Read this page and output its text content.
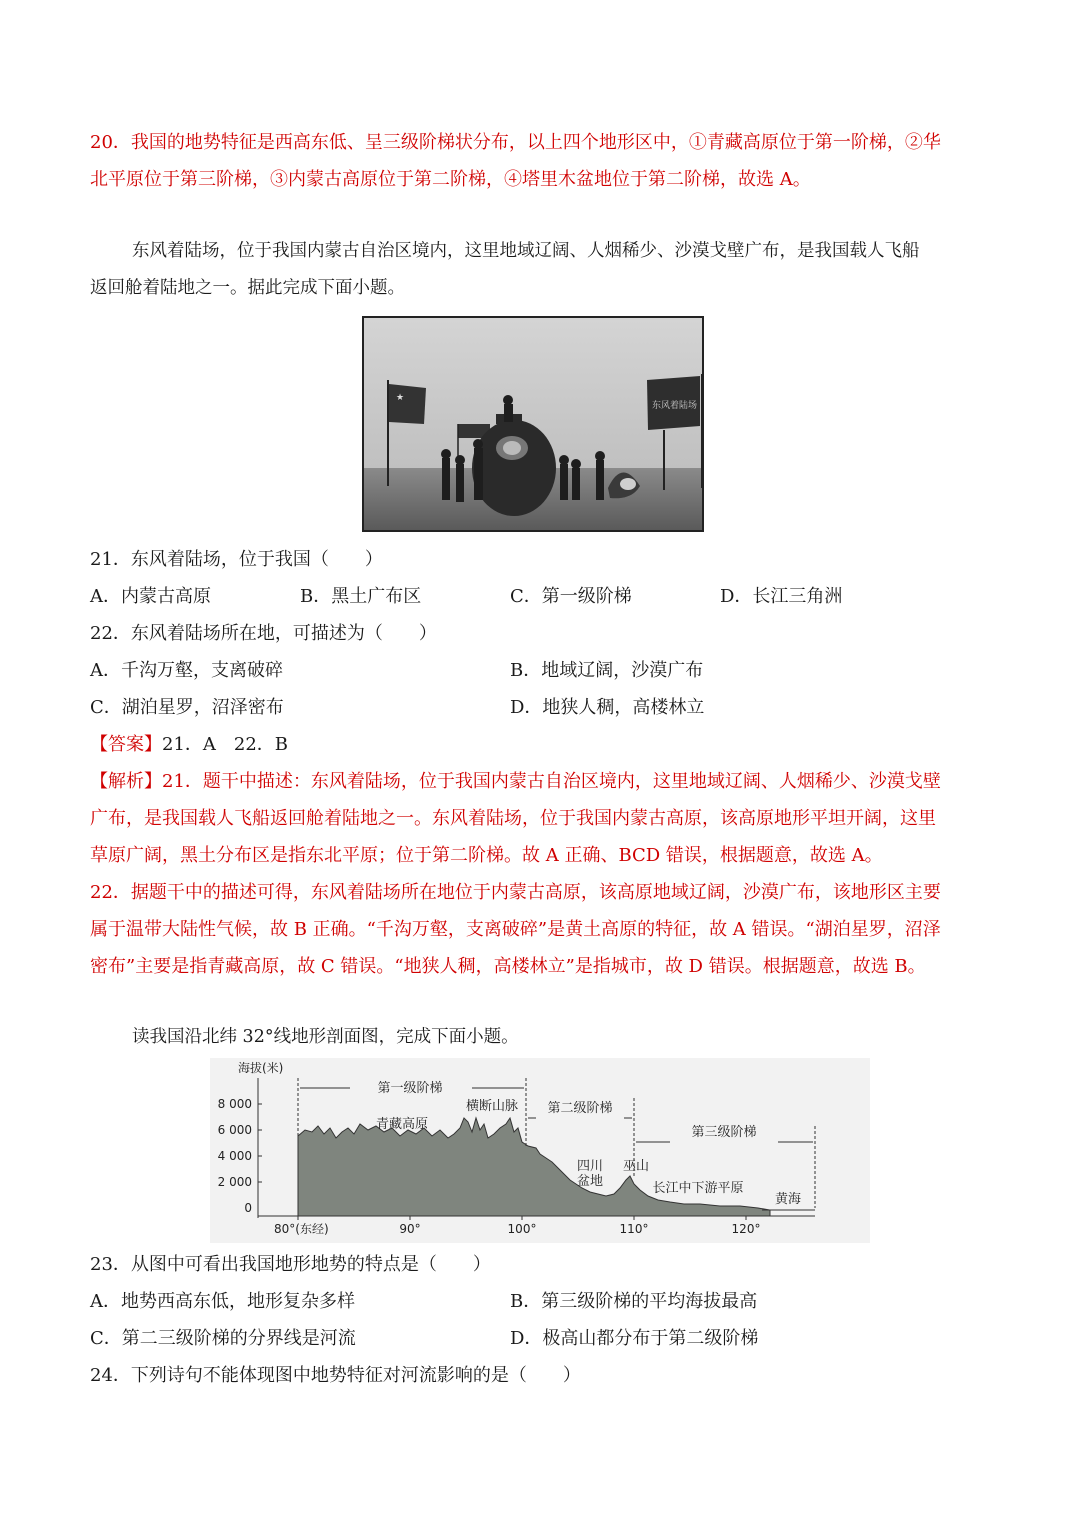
20．我国的地势特征是西高东低、呈三级阶梯状分布，以上四个地形区中，①青藏高原位于第一阶梯，②华
北平原位于第三阶梯，③内蒙古高原位于第二阶梯，④塔里木盆地位于第二阶梯，故选 A。
东风着陆场，位于我国内蒙古自治区境内，这里地域辽阔、人烟稀少、沙漠戈壁广布，是我国载人飞船
返回舱着陆地之一。据此完成下面小题。
★
东风着陆场
21．东风着陆场，位于我国（　　）
A．内蒙古高原	B．黑土广布区	C．第一级阶梯	D．长江三角洲
22．东风着陆场所在地，可描述为（　　）
A．千沟万壑，支离破碎	B．地域辽阔，沙漠广布
C．湖泊星罗，沼泽密布	D．地狭人稠，高楼林立
【答案】21．A　22．B
【解析】21．题干中描述：东风着陆场，位于我国内蒙古自治区境内，这里地域辽阔、人烟稀少、沙漠戈壁
广布，是我国载人飞船返回舱着陆地之一。东风着陆场，位于我国内蒙古高原，该高原地形平坦开阔，这里
草原广阔，黑土分布区是指东北平原；位于第二阶梯。故 A 正确、BCD 错误，根据题意，故选 A。
22．据题干中的描述可得，东风着陆场所在地位于内蒙古高原，该高原地域辽阔，沙漠广布，该地形区主要
属于温带大陆性气候，故 B 正确。“千沟万壑，支离破碎”是黄土高原的特征，故 A 错误。“湖泊星罗，沼泽
密布”主要是指青藏高原，故 C 错误。“地狭人稠，高楼林立”是指城市，故 D 错误。根据题意，故选 B。
读我国沿北纬 32°线地形剖面图，完成下面小题。
海拔(米)
8 000
6 000
4 000
2 000
0
80°(东经)	90°	100°	110°	120°
第一级阶梯
第二级阶梯
第三级阶梯
青藏高原
横断山脉
四川
盆地
巫山
长江中下游平原
黄海
23．从图中可看出我国地形地势的特点是（　　）
A．地势西高东低，地形复杂多样	B．第三级阶梯的平均海拔最高
C．第二三级阶梯的分界线是河流	D．极高山都分布于第二级阶梯
24．下列诗句不能体现图中地势特征对河流影响的是（　　）
